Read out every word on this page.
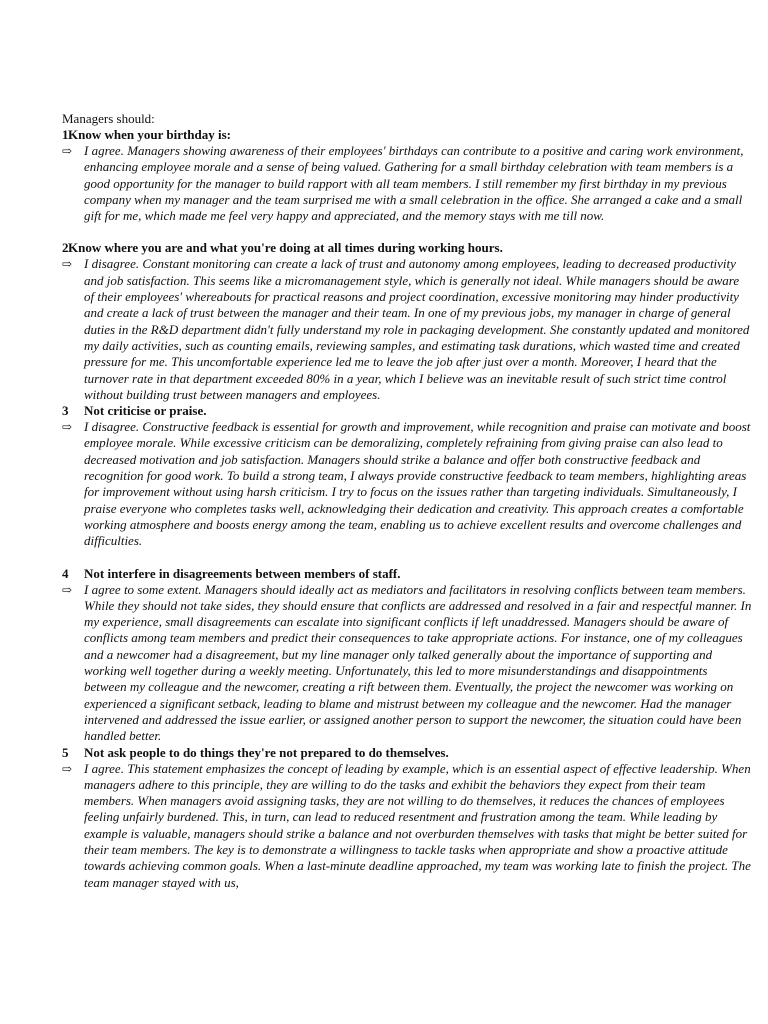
Managers should:

1 Know when your birthday is:
⇨ I agree. Managers showing awareness of their employees' birthdays can contribute to a positive and caring work environment, enhancing employee morale and a sense of being valued. Gathering for a small birthday celebration with team members is a good opportunity for the manager to build rapport with all team members. I still remember my first birthday in my previous company when my manager and the team surprised me with a small celebration in the office. She arranged a cake and a small gift for me, which made me feel very happy and appreciated, and the memory stays with me till now.
2 Know where you are and what you're doing at all times during working hours.
⇨ I disagree. Constant monitoring can create a lack of trust and autonomy among employees, leading to decreased productivity and job satisfaction. This seems like a micromanagement style, which is generally not ideal. While managers should be aware of their employees' whereabouts for practical reasons and project coordination, excessive monitoring may hinder productivity and create a lack of trust between the manager and their team. In one of my previous jobs, my manager in charge of general duties in the R&D department didn't fully understand my role in packaging development. She constantly updated and monitored my daily activities, such as counting emails, reviewing samples, and estimating task durations, which wasted time and created pressure for me. This uncomfortable experience led me to leave the job after just over a month. Moreover, I heard that the turnover rate in that department exceeded 80% in a year, which I believe was an inevitable result of such strict time control without building trust between managers and employees.
3	Not criticise or praise.
⇨ I disagree. Constructive feedback is essential for growth and improvement, while recognition and praise can motivate and boost employee morale. While excessive criticism can be demoralizing, completely refraining from giving praise can also lead to decreased motivation and job satisfaction. Managers should strike a balance and offer both constructive feedback and recognition for good work. To build a strong team, I always provide constructive feedback to team members, highlighting areas for improvement without using harsh criticism. I try to focus on the issues rather than targeting individuals. Simultaneously, I praise everyone who completes tasks well, acknowledging their dedication and creativity. This approach creates a comfortable working atmosphere and boosts energy among the team, enabling us to achieve excellent results and overcome challenges and difficulties.
4	Not interfere in disagreements between members of staff.
⇨ I agree to some extent. Managers should ideally act as mediators and facilitators in resolving conflicts between team members. While they should not take sides, they should ensure that conflicts are addressed and resolved in a fair and respectful manner. In my experience, small disagreements can escalate into significant conflicts if left unaddressed. Managers should be aware of conflicts among team members and predict their consequences to take appropriate actions. For instance, one of my colleagues and a newcomer had a disagreement, but my line manager only talked generally about the importance of supporting and working well together during a weekly meeting. Unfortunately, this led to more misunderstandings and disappointments between my colleague and the newcomer, creating a rift between them. Eventually, the project the newcomer was working on experienced a significant setback, leading to blame and mistrust between my colleague and the newcomer. Had the manager intervened and addressed the issue earlier, or assigned another person to support the newcomer, the situation could have been handled better.
5	Not ask people to do things they're not prepared to do themselves.
⇨ I agree. This statement emphasizes the concept of leading by example, which is an essential aspect of effective leadership. When managers adhere to this principle, they are willing to do the tasks and exhibit the behaviors they expect from their team members. When managers avoid assigning tasks, they are not willing to do themselves, it reduces the chances of employees feeling unfairly burdened. This, in turn, can lead to reduced resentment and frustration among the team. While leading by example is valuable, managers should strike a balance and not overburden themselves with tasks that might be better suited for their team members. The key is to demonstrate a willingness to tackle tasks when appropriate and show a proactive attitude towards achieving common goals. When a last-minute deadline approached, my team was working late to finish the project. The team manager stayed with us,
